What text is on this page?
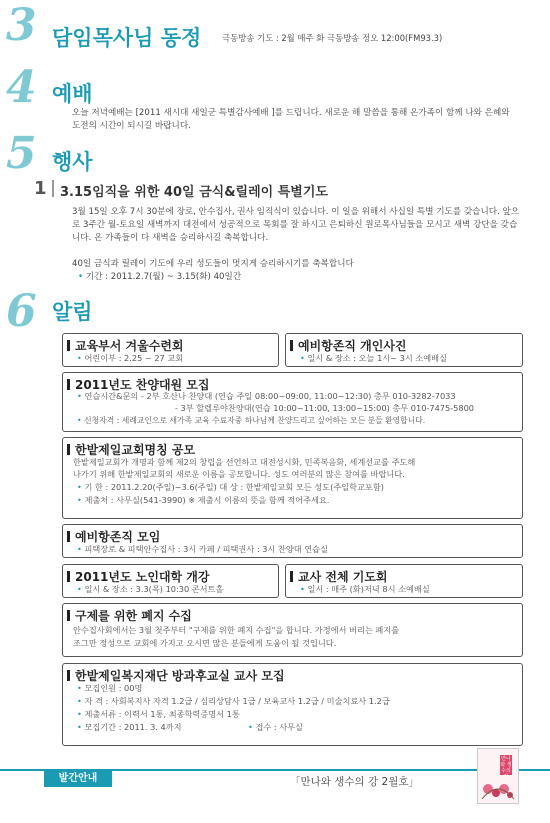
3 담임목사님 동정 극동방송 기도 : 2월 매주 화 극동방송 정오 12:00(FM93.3)
4 예배
오늘 저녁예배는 [2011 새시대 새일군 특별감사예배 ]를 드립니다. 새로운 해 말씀을 통해 온가족이 함께 나와 은혜와 도전의 시간이 되시길 바랍니다.
5 행사
1 3.15임직을 위한 40일 금식&릴레이 특별기도
3월 15일 오후 7시 30분에 장로, 안수집사, 권사 임직식이 있습니다. 이 일을 위해서 사십일 특별 기도를 갖습니다. 앞으로 3주간 월-토요일 새벽까지 대전에서 성공적으로 목회를 잘 하시고 은퇴하신 원로목사님들을 모시고 새벽 강단을 갖습니다. 온 가족들이 다 새벽을 승리하시길 축복합니다.
40일 금식과 릴레이 기도에 우리 성도들이 멋지게 승리하시기를 축복합니다
• 기간 : 2011.2.7(월) ~ 3.15(화) 40일간
6 알림
교육부서 겨울수련회
• 어린이부 : 2.25 ~ 27 교회
예비항존직 개인사진
• 일시 & 장소 : 오늘 1시~ 3시 소예배실
2011년도 찬양대원 모집
• 연습시간&문의 - 2부 호산나 찬양대 (연습 주일 08:00~09:00, 11:00~12:30) 총무 010-3282-7033
- 3부 할렐루야찬양대(연습 10:00~11:00, 13:00~15:00) 총무 010-7475-5800
• 신청자격 : 세례교인으로 새가족 교육 수료자중 하나님께 찬양드리고 싶어하는 모든 분들 환영합니다.
한밭제일교회명칭 공모
한밭제일교회가 개명과 함께 제2의 창립을 선언하고 대전성시화, 민족복음화, 세계선교를 주도해
나가기 위해 한밭제일교회의 새로운 이름을 공모합니다. 성도 여러분의 많은 참여를 바랍니다.
• 기 한 : 2011.2.20(주일)~3.6(주일) 대 상 : 한밭제일교회 모든 성도(주일학교포함)
• 제출처 : 사무실(541-3990) ※ 제출시 이름의 뜻을 함께 적어주세요.
예비항존직 모임
• 피택장로 & 피택안수집사 : 3시 카페 / 피택권사 : 3시 찬양대 연습실
2011년도 노인대학 개강
• 일시 & 장소 : 3.3(목) 10:30 콘서트홀
교사 전체 기도회
• 일시 : 매주 (화)저녁 8시 소예배실
구제를 위한 폐지 수집
안수집사회에서는 3월 첫주부터 "구제를 위한 폐지 수집"을 합니다. 가정에서 버리는 폐지를
조그만 정성으로 교회에 가지고 오시면 많은 분들에게 도움이 될 것입니다.
한밭제일복지재단 방과후교실 교사 모집
• 모집인원 : 00명
• 자 격 : 사회복지사 자격 1.2급 / 심리상담사 1급 / 보육교사 1.2급 / 미술치료사 1.2급
• 제출서류 : 이력서 1통, 최종학력증명서 1통
• 모집기간 : 2011. 3. 4까지	• 접수 : 사무실
발간안내	「만나와 생수의 강 2월호」
만나와 생수의 강
